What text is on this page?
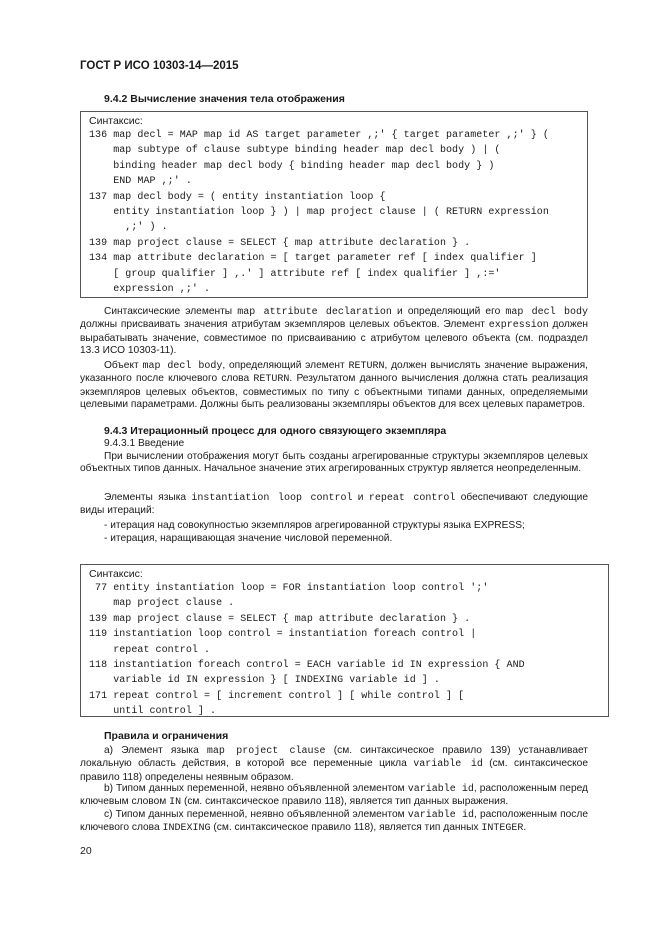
ГОСТ Р ИСО 10303-14—2015
9.4.2 Вычисление значения тела отображения
Синтаксис:
136 map decl = MAP map id AS target parameter ,;' { target parameter ,;' } (
map subtype of clause subtype binding header map decl body ) | (
binding header map decl body { binding header map decl body } )
END MAP ,;' .
137 map decl body = ( entity instantiation loop {
entity instantiation loop } ) | map project clause | ( RETURN expression
,;' ) .
139 map project clause = SELECT { map attribute declaration } .
134 map attribute declaration = [ target parameter ref [ index qualifier ]
[ group qualifier ] ,.' ] attribute ref [ index qualifier ] ,:='
expression ,;' .
Синтаксические элементы map attribute declaration и определяющий его map decl body должны присваивать значения атрибутам экземпляров целевых объектов. Элемент expression должен вырабатывать значение, совместимое по присваиванию с атрибутом целевого объекта (см. подраздел 13.3 ИСО 10303-11).
Объект map decl body, определяющий элемент RETURN, должен вычислять значение выражения, указанного после ключевого слова RETURN. Результатом данного вычисления должна стать реализация экземпляров целевых объектов, совместимых по типу с объектными типами данных, определяемыми целевыми параметрами. Должны быть реализованы экземпляры объектов для всех целевых параметров.
9.4.3 Итерационный процесс для одного связующего экземпляра
9.4.3.1 Введение
При вычислении отображения могут быть созданы агрегированные структуры экземпляров целевых объектных типов данных. Начальное значение этих агрегированных структур является неопределенным.
Элементы языка instantiation loop control и repeat control обеспечивают следующие виды итераций:
- итерация над совокупностью экземпляров агрегированной структуры языка EXPRESS;
- итерация, наращивающая значение числовой переменной.
Синтаксис:
77 entity instantiation loop = FOR instantiation loop control ';'
map project clause .
139 map project clause = SELECT { map attribute declaration } .
119 instantiation loop control = instantiation foreach control |
repeat control .
118 instantiation foreach control = EACH variable id IN expression { AND
variable id IN expression } [ INDEXING variable id ] .
171 repeat control = [ increment control ] [ while control ] [
until control ] .
Правила и ограничения
а) Элемент языка map project clause (см. синтаксическое правило 139) устанавливает локальную область действия, в которой все переменные цикла variable id (см. синтаксическое правило 118) определены неявным образом.
b) Типом данных переменной, неявно объявленной элементом variable id, расположенным перед ключевым словом IN (см. синтаксическое правило 118), является тип данных выражения.
с) Типом данных переменной, неявно объявленной элементом variable id, расположенным после ключевого слова INDEXING (см. синтаксическое правило 118), является тип данных INTEGER.
20
